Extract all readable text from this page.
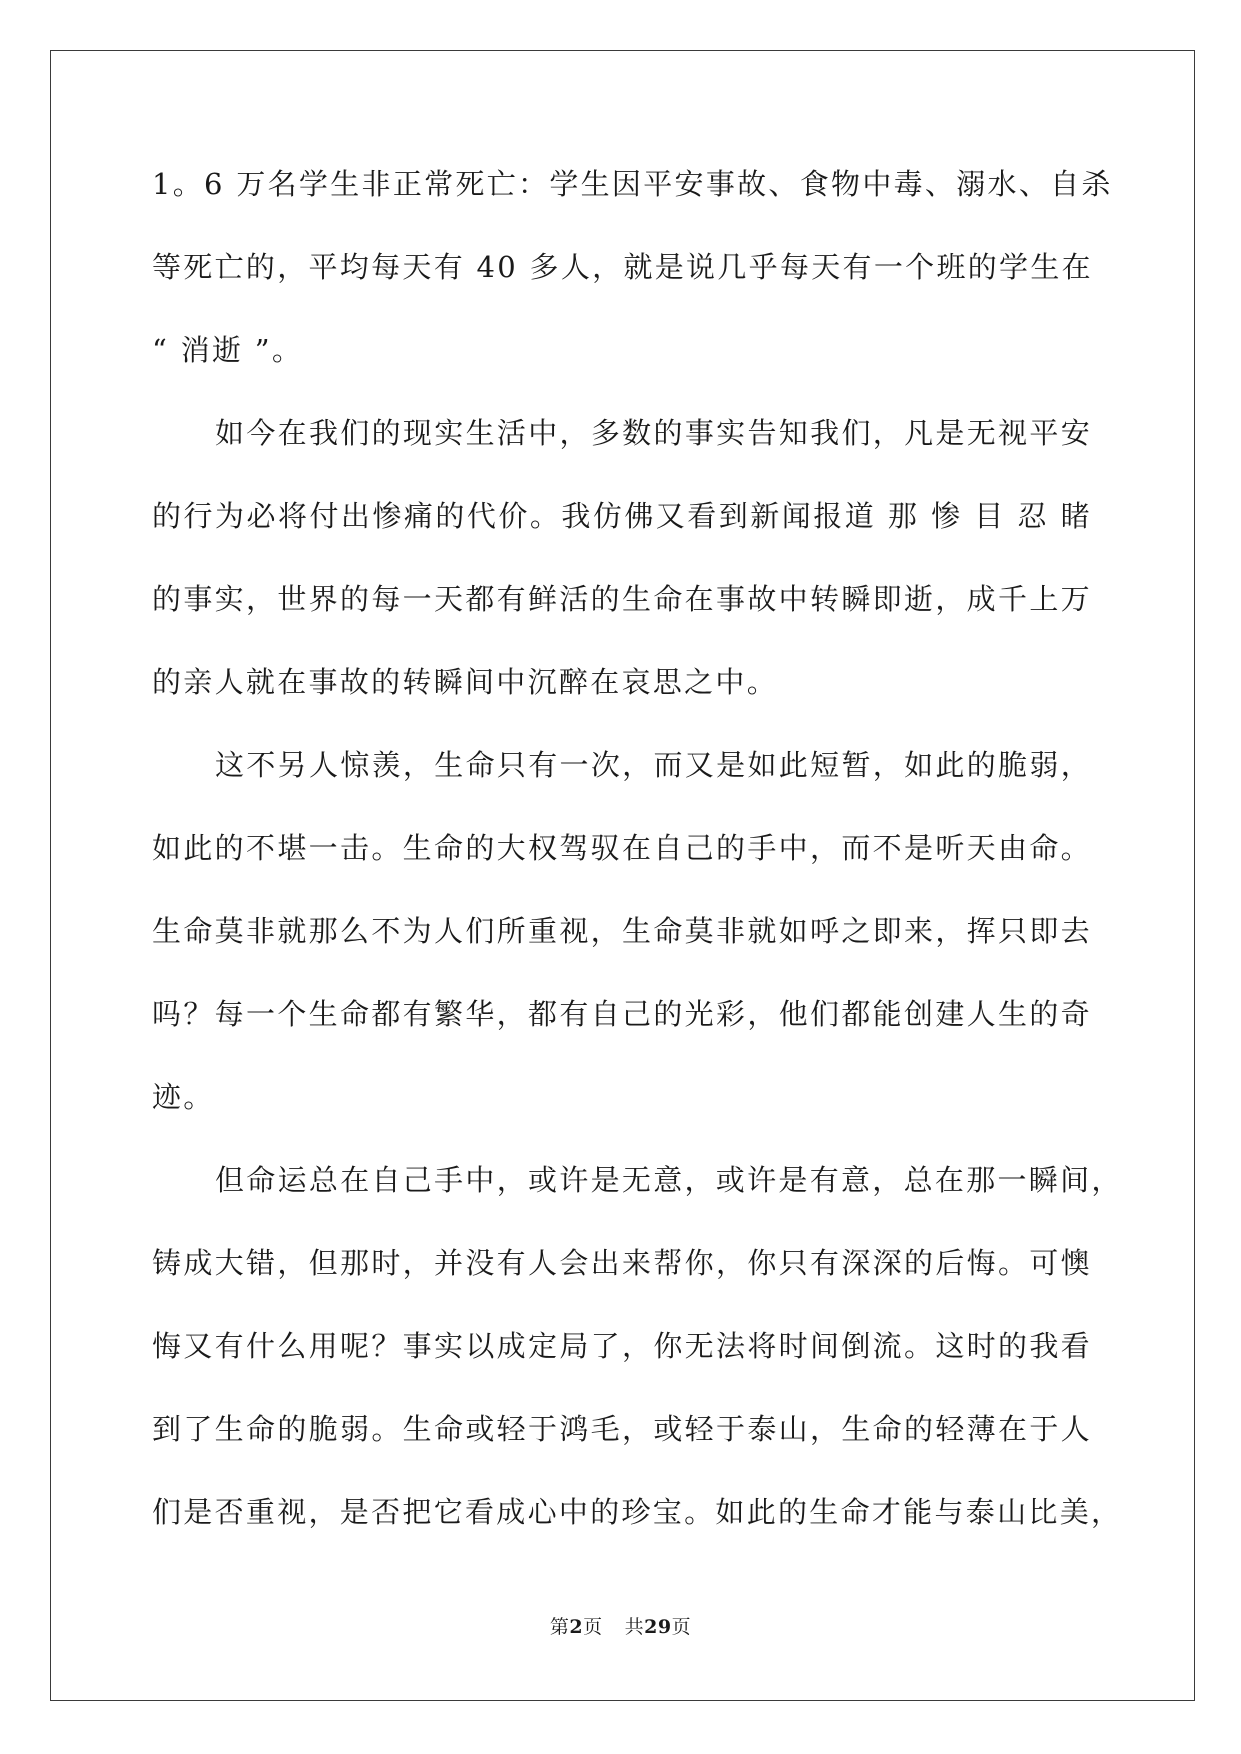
1。6 万名学生非正常死亡：学生因平安事故、食物中毒、溺水、自杀
等死亡的，平均每天有 40 多人，就是说几乎每天有一个班的学生在
“ 消逝 ”。
如今在我们的现实生活中，多数的事实告知我们，凡是无视平安
的行为必将付出惨痛的代价。我仿佛又看到新闻报道 那 惨 目 忍 睹
的事实，世界的每一天都有鲜活的生命在事故中转瞬即逝，成千上万
的亲人就在事故的转瞬间中沉醉在哀思之中。
这不另人惊羡，生命只有一次，而又是如此短暂，如此的脆弱，
如此的不堪一击。生命的大权驾驭在自己的手中，而不是听天由命。
生命莫非就那么不为人们所重视，生命莫非就如呼之即来，挥只即去
吗？每一个生命都有繁华，都有自己的光彩，他们都能创建人生的奇
迹。
但命运总在自己手中，或许是无意，或许是有意，总在那一瞬间，
铸成大错，但那时，并没有人会出来帮你，你只有深深的后悔。可懊
悔又有什么用呢？事实以成定局了，你无法将时间倒流。这时的我看
到了生命的脆弱。生命或轻于鸿毛，或轻于泰山，生命的轻薄在于人
们是否重视，是否把它看成心中的珍宝。如此的生命才能与泰山比美，
第2页 共29页
